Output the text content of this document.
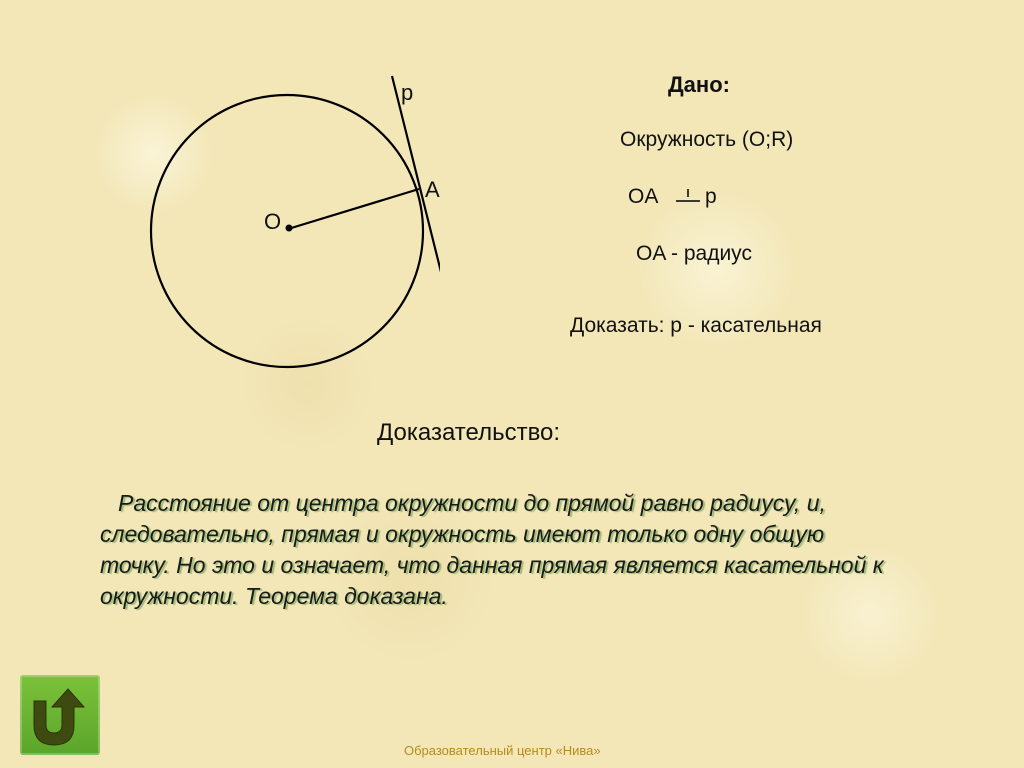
p
A
O
Дано:
Окружность (O;R)
OA p
OA - радиус
Доказать: p - касательная
Доказательство:
Расстояние от центра окружности до прямой равно радиусу, и, следовательно, прямая и окружность имеют только одну общую точку. Но это и означает, что данная прямая является касательной к окружности. Теорема доказана.
Образовательный центр «Нива»
